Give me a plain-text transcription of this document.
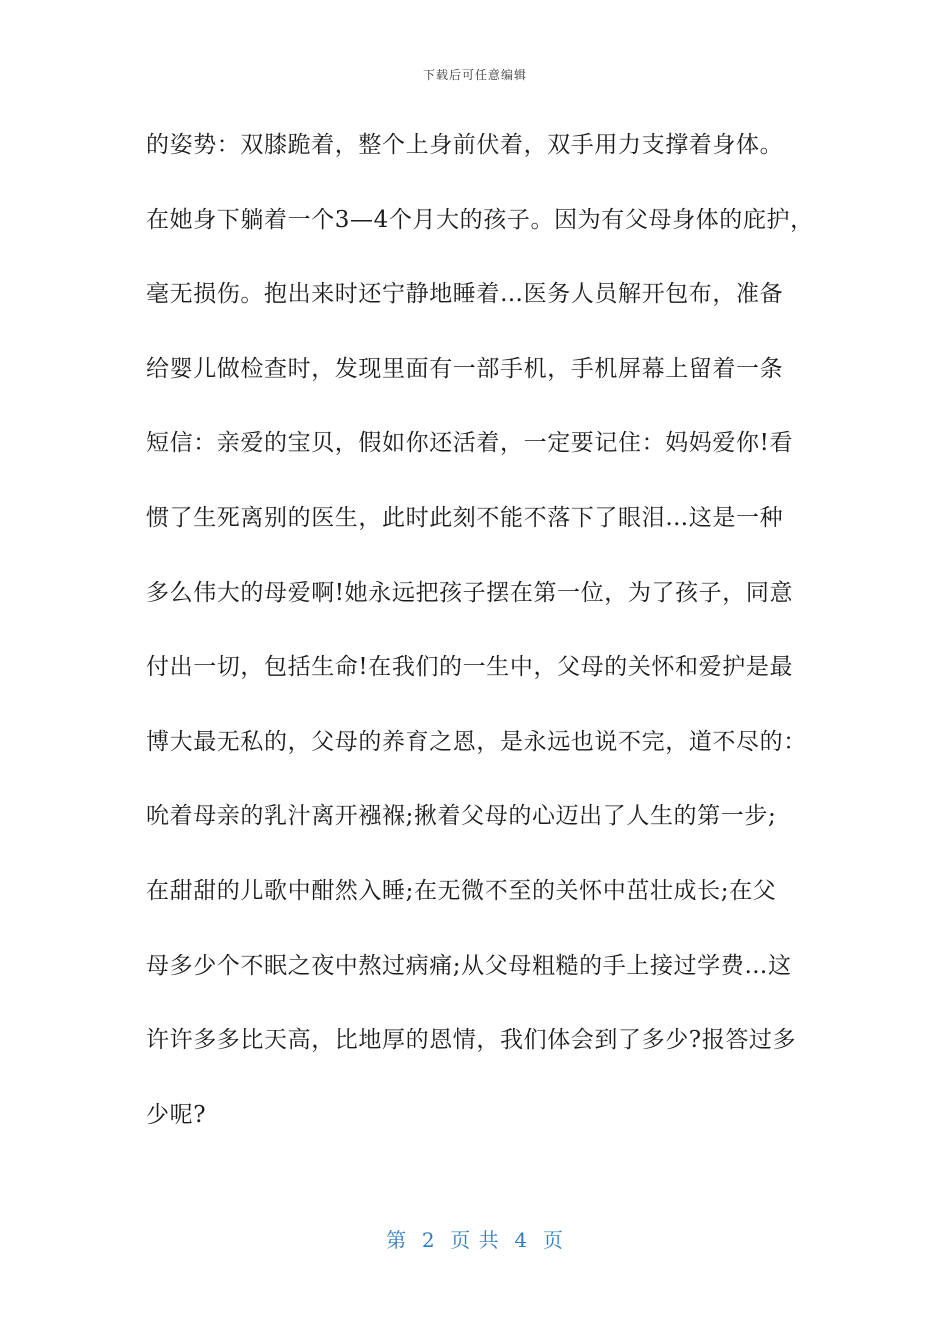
下载后可任意编辑
的姿势：双膝跪着，整个上身前伏着，双手用力支撑着身体。
在她身下躺着一个3—4个月大的孩子。因为有父母身体的庇护，
毫无损伤。抱出来时还宁静地睡着…医务人员解开包布，准备
给婴儿做检查时，发现里面有一部手机，手机屏幕上留着一条
短信：亲爱的宝贝，假如你还活着，一定要记住：妈妈爱你!看
惯了生死离别的医生，此时此刻不能不落下了眼泪…这是一种
多么伟大的母爱啊!她永远把孩子摆在第一位，为了孩子，同意
付出一切，包括生命!在我们的一生中，父母的关怀和爱护是最
博大最无私的，父母的养育之恩，是永远也说不完，道不尽的：
吮着母亲的乳汁离开襁褓;揪着父母的心迈出了人生的第一步;
在甜甜的儿歌中酣然入睡;在无微不至的关怀中茁壮成长;在父
母多少个不眠之夜中熬过病痛;从父母粗糙的手上接过学费…这
许许多多比天高，比地厚的恩情，我们体会到了多少?报答过多
少呢?
第  2  页 共  4  页
